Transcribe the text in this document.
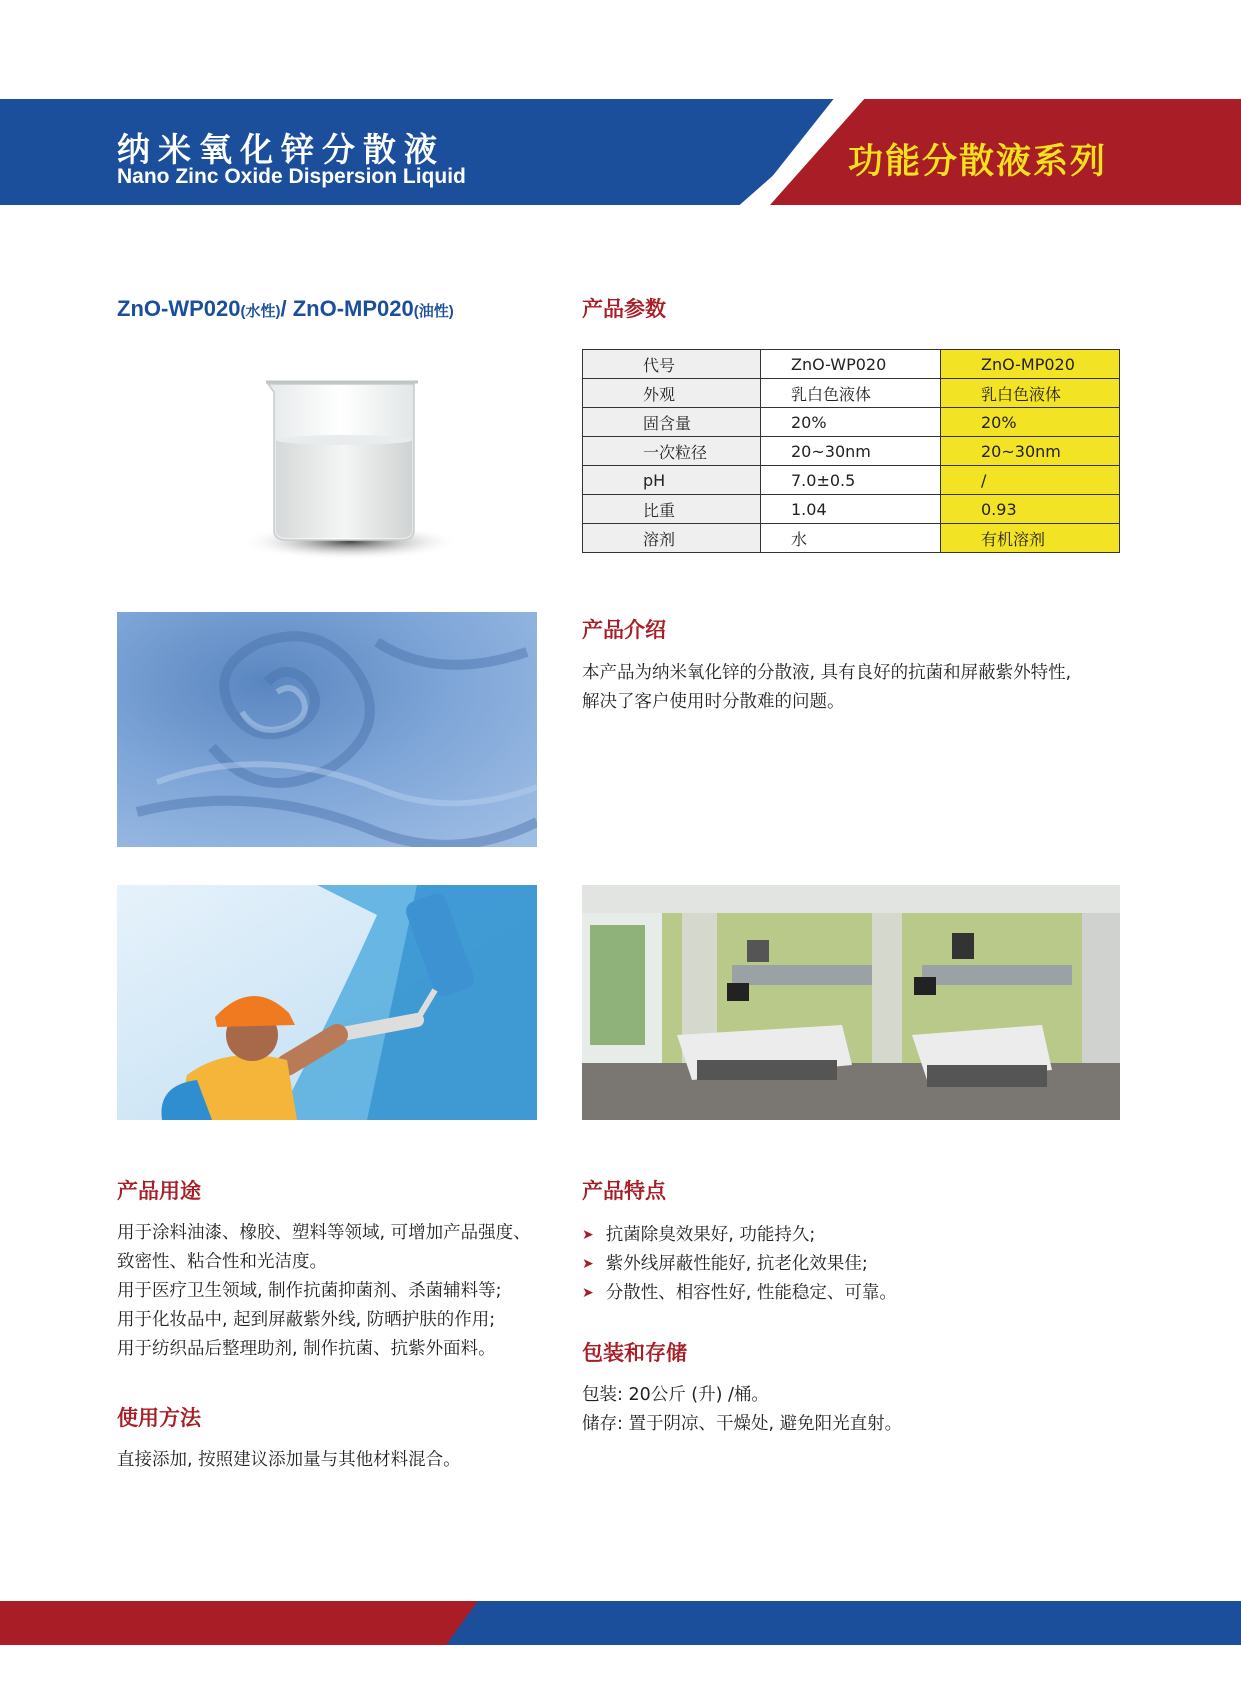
纳米氧化锌分散液
Nano Zinc Oxide Dispersion Liquid	功能分散液系列
ZnO-WP020(水性)/ ZnO-MP020(油性)	产品参数
代号	ZnO-WP020	ZnO-MP020
外观	乳白色液体	乳白色液体
固含量	20%	20%
一次粒径	20~30nm	20~30nm
pH	7.0±0.5	/
比重	1.04	0.93
溶剂	水	有机溶剂
产品介绍
本产品为纳米氧化锌的分散液, 具有良好的抗菌和屏蔽紫外特性,
解决了客户使用时分散难的问题。
产品用途
用于涂料油漆、橡胶、塑料等领域, 可增加产品强度、
致密性、粘合性和光洁度。
用于医疗卫生领域, 制作抗菌抑菌剂、杀菌辅料等;
用于化妆品中, 起到屏蔽紫外线, 防晒护肤的作用;
用于纺织品后整理助剂, 制作抗菌、抗紫外面料。
使用方法
直接添加, 按照建议添加量与其他材料混合。
产品特点
➤ 抗菌除臭效果好, 功能持久;
➤ 紫外线屏蔽性能好, 抗老化效果佳;
➤ 分散性、相容性好, 性能稳定、可靠。
包装和存储
包装: 20公斤 (升) /桶。
储存: 置于阴凉、干燥处, 避免阳光直射。
